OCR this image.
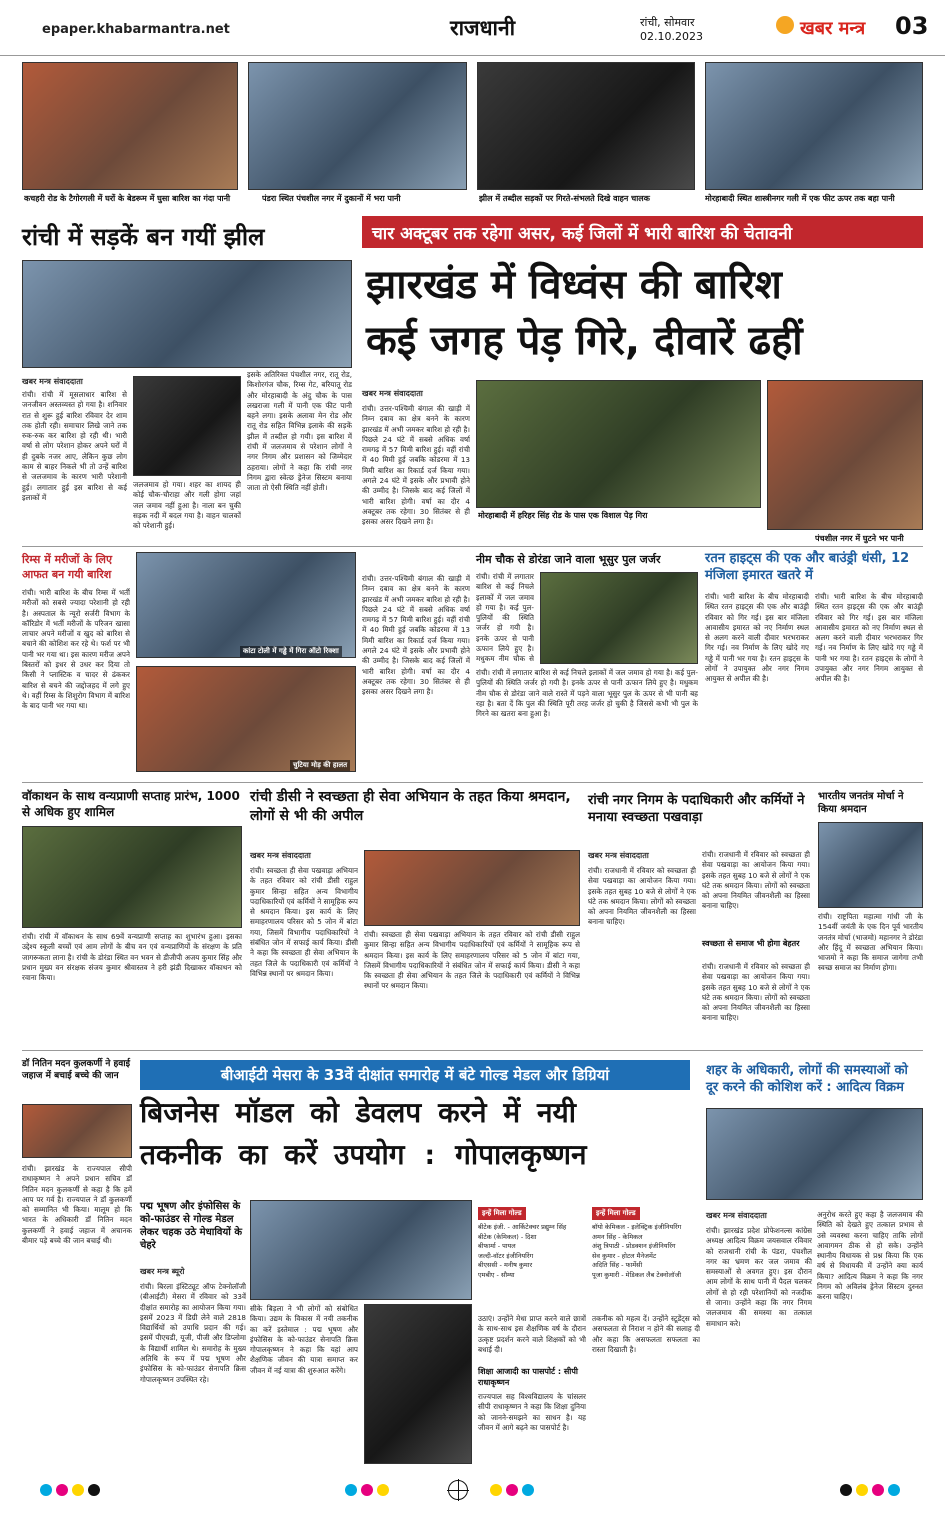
epaper.khabarmantra.net	राजधानी	रांची, सोमवार
02.10.2023	खबर मन्त्र 03
कचहरी रोड के टैगोरगली में घरों के बेडरूम में घुसा बारिश का गंदा पानी	पंडरा स्थित पंचशील नगर में दुकानों में भरा पानी	झील में तब्दील सड़कों पर गिरते-संभलते दिखे वाहन चालक	मोरहाबादी स्थित शास्त्रीनगर गली में एक फीट ऊपर तक बहा पानी
रांची में सड़कें बन गयीं झील
खबर मन्त्र संवाददाता
रांची। रांची में मूसलाधार बारिश से जनजीवन अस्तव्यस्त हो गया है। शनिवार रात से शुरू हुई बारिश रविवार देर शाम तक होती रही। समाचार लिखे जाने तक रुक-रुक कर बारिश हो रही थी। भारी वर्षा से लोग परेशान होकर अपने घरों में ही दुबके नजर आए, लेकिन कुछ लोग काम से बाहर निकले भी तो उन्हें बारिश से जलजमाव के कारण भारी परेशानी हुई। लगातार हुई इस बारिश से कई इलाकों में
जलजमाव हो गया। शहर का शायद ही कोई चौक-चौराहा और गली होगा जहां जल जमाव नहीं हुआ है। नाला बन चुकी सड़क नदी में बदल गया है। वाहन चालकों को परेशानी हुई।
इसके अतिरिक्त पंचशील नगर, रातू रोड, किशोरगंज चौक, रिम्स गेट, बरियातू रोड और मोरहाबादी के अंदु चौक के पास लखराजा गली में पानी एक फीट पानी बहने लगा। इसके अलावा मेन रोड और रातू रोड सहित विभिन्न इलाके की सड़कें झील में तब्दील हो गयी। इस बारिश में रांची में जलजमाव से परेशान लोगों ने नगर निगम और प्रशासन को जिम्मेदार ठहराया। लोगों ने कहा कि रांची नगर निगम द्वारा स्वेत्छ ड्रेनेज सिस्टम बनाया जाता तो ऐसी स्थिति नहीं होती।
चार अक्टूबर तक रहेगा असर, कई जिलों में भारी बारिश की चेतावनी
झारखंड में विध्वंस की बारिश
कई जगह पेड़ गिरे, दीवारें ढहीं
खबर मन्त्र संवाददाता
रांची। उत्तर-पश्चिमी बंगाल की खाड़ी में निम्न दबाव का क्षेत्र बनने के कारण झारखंड में अभी जमकर बारिश हो रही है। पिछले 24 घंटे में सबसे अधिक वर्षा रामगढ़ में 57 मिमी बारिश हुई। वहीं रांची में 40 मिमी हुई जबकि कोडरमा में 13 मिमी बारिश का रिकार्ड दर्ज किया गया। अगले 24 घंटे में इसके और प्रभावी होने की उम्मीद है। जिसके बाद कई जिलों में भारी बारिश होगी। वर्षा का दौर 4 अक्टूबर तक रहेगा। 30 सितंबर से ही इसका असर दिखने लगा है।
मोरहाबादी में हरिहर सिंह रोड के पास एक विशाल पेड़ गिरा
पंचशील नगर में घुटने भर पानी
रिम्स में मरीजों के लिए आफत बन गयी बारिश
रांची। भारी बारिश के बीच रिम्स में भर्ती मरीजों को सबसे ज्यादा परेशानी हो रही है। अस्पताल के न्यूरो सर्जरी विभाग के कॉरिडोर में भर्ती मरीजों के परिजन खासा लाचार अपने मरीजों व खुद को बारिश से बचाने की कोशिश कर रहे थे। फर्श पर भी पानी भर गया था। इस कारण मरीज अपने बिस्तरों को इधर से उधर कर दिया तो किसी ने प्लास्टिक व चादर से ढंककर बारिश से बचने की जद्दोजहद में लगे हुए थे। वहीं रिम्स के शिशुरोग विभाग में बारिश के बाद पानी भर गया था।
कांटा टोली में गड्ढे में गिरा ऑटो रिक्शा
चुटिया मोड़ की हालत
नीम चौक से डोरंडा जाने वाला भूसुर पुल जर्जर
रांची। उत्तर-पश्चिमी बंगाल की खाड़ी में निम्न दबाव का क्षेत्र बनने के कारण झारखंड में अभी जमकर बारिश हो रही है। पिछले 24 घंटे में सबसे अधिक वर्षा रामगढ़ में 57 मिमी बारिश हुई। वहीं रांची में 40 मिमी हुई जबकि कोडरमा में 13 मिमी बारिश का रिकार्ड दर्ज किया गया। अगले 24 घंटे में इसके और प्रभावी होने की उम्मीद है। जिसके बाद कई जिलों में भारी बारिश होगी। वर्षा का दौर 4 अक्टूबर तक रहेगा। 30 सितंबर से ही इसका असर दिखने लगा है।
रांची। रांची में लगातार बारिश से कई निचले इलाकों में जल जमाव हो गया है। कई पुल-पुलियों की स्थिति जर्जर हो गयी है। इनके ऊपर से पानी ऊफान लिये हुए है। मधुकम नीम चौक से
रांची। रांची में लगातार बारिश से कई निचले इलाकों में जल जमाव हो गया है। कई पुल-पुलियों की स्थिति जर्जर हो गयी है। इनके ऊपर से पानी ऊफान लिये हुए है। मधुकम नीम चौक से डोरंडा जाने वाले रास्ते में पड़ने वाला भूसुर पुल के ऊपर से भी पानी बह रहा है। बता दें कि पुल की स्थिति पूरी तरह जर्जर हो चुकी है जिससे कभी भी पुल के गिरने का खतरा बना हुआ है।
रतन हाइट्स की एक और बाउंड्री धंसी, 12 मंजिला इमारत खतरे में
रांची। भारी बारिश के बीच मोरहाबादी स्थित रतन हाइट्स की एक और बाउंड्री रविवार को गिर गई। इस बार मंजिला आवासीय इमारत को नए निर्माण स्थल से अलग करने वाली दीवार भरभराकर गिर गई। नव निर्माण के लिए खोदे गए गड्ढे में पानी भर गया है। रतन हाइट्स के लोगों ने उपायुक्त और नगर निगम आयुक्त से अपील की है।
रांची। भारी बारिश के बीच मोरहाबादी स्थित रतन हाइट्स की एक और बाउंड्री रविवार को गिर गई। इस बार मंजिला आवासीय इमारत को नए निर्माण स्थल से अलग करने वाली दीवार भरभराकर गिर गई। नव निर्माण के लिए खोदे गए गड्ढे में पानी भर गया है। रतन हाइट्स के लोगों ने उपायुक्त और नगर निगम आयुक्त से अपील की है।
वॉकाथन के साथ वन्यप्राणी सप्ताह प्रारंभ, 1000 से अधिक हुए शामिल
रांची। रांची में वॉकाथन के साथ 69वें वन्यप्राणी सप्ताह का शुभारंभ हुआ। इसका उद्देश्य स्कूली बच्चों एवं आम लोगों के बीच वन एवं वन्यप्राणियों के संरक्षण के प्रति जागरूकता लाना है। रांची के डोरंडा स्थित वन भवन से डीजीपी अजय कुमार सिंह और प्रधान मुख्य वन संरक्षक संजय कुमार श्रीवास्तव ने हरी झंडी दिखाकर वॉकाथन को रवाना किया।
रांची डीसी ने स्वच्छता ही सेवा अभियान के तहत किया श्रमदान, लोगों से भी की अपील
खबर मन्त्र संवाददाता
रांची। स्वच्छता ही सेवा पखवाड़ा अभियान के तहत रविवार को रांची डीसी राहुल कुमार सिन्हा सहित अन्य विभागीय पदाधिकारियों एवं कर्मियों ने सामूहिक रूप से श्रमदान किया। इस कार्य के लिए समाहरणालय परिसर को 5 जोन में बांटा गया, जिसमें विभागीय पदाधिकारियों ने संबंधित जोन में सफाई कार्य किया। डीसी ने कहा कि स्वच्छता ही सेवा अभियान के तहत जिले के पदाधिकारी एवं कर्मियों ने विभिन्न स्थानों पर श्रमदान किया।
रांची। स्वच्छता ही सेवा पखवाड़ा अभियान के तहत रविवार को रांची डीसी राहुल कुमार सिन्हा सहित अन्य विभागीय पदाधिकारियों एवं कर्मियों ने सामूहिक रूप से श्रमदान किया। इस कार्य के लिए समाहरणालय परिसर को 5 जोन में बांटा गया, जिसमें विभागीय पदाधिकारियों ने संबंधित जोन में सफाई कार्य किया। डीसी ने कहा कि स्वच्छता ही सेवा अभियान के तहत जिले के पदाधिकारी एवं कर्मियों ने विभिन्न स्थानों पर श्रमदान किया।
रांची नगर निगम के पदाधिकारी और कर्मियों ने मनाया स्वच्छता पखवाड़ा
खबर मन्त्र संवाददाता
रांची। राजधानी में रविवार को स्वच्छता ही सेवा पखवाड़ा का आयोजन किया गया। इसके तहत सुबह 10 बजे से लोगों ने एक घंटे तक श्रमदान किया। लोगों को स्वच्छता को अपना नियमित जीवनशैली का हिस्सा बनाना चाहिए।
रांची। राजधानी में रविवार को स्वच्छता ही सेवा पखवाड़ा का आयोजन किया गया। इसके तहत सुबह 10 बजे से लोगों ने एक घंटे तक श्रमदान किया। लोगों को स्वच्छता को अपना नियमित जीवनशैली का हिस्सा बनाना चाहिए।
स्वच्छता से समाज भी होगा बेहतर
रांची। राजधानी में रविवार को स्वच्छता ही सेवा पखवाड़ा का आयोजन किया गया। इसके तहत सुबह 10 बजे से लोगों ने एक घंटे तक श्रमदान किया। लोगों को स्वच्छता को अपना नियमित जीवनशैली का हिस्सा बनाना चाहिए।
भारतीय जनतंत्र मोर्चा ने किया श्रमदान
रांची। राष्ट्रपिता महात्मा गांधी जी के 154वीं जयंती के एक दिन पूर्व भारतीय जनतंत्र मोर्चा (भाजमो) महानगर ने डोरंडा और हिंदू में स्वच्छता अभियान किया। भाजमो ने कहा कि समाज जागेगा तभी स्वच्छ समाज का निर्माण होगा।
डॉ नितिन मदन कुलकर्णी ने हवाई जहाज में बचाई बच्चे की जान
रांची। झारखंड के राज्यपाल सीपी राधाकृष्णन ने अपने प्रधान सचिव डॉ नितिन मदन कुलकर्णी से कहा है कि हमें आप पर गर्व है। राज्यपाल ने डॉ कुलकर्णी को सम्मानित भी किया। मालूम हो कि भारत के अधिकारी डॉ नितिन मदन कुलकर्णी ने हवाई जहाज में अचानक बीमार पड़े बच्चे की जान बचाई थी।
बीआईटी मेसरा के 33वें दीक्षांत समारोह में बंटे गोल्ड मेडल और डिग्रियां
बिजनेस मॉडल को डेवलप करने में नयी
तकनीक का करें उपयोग : गोपालकृष्णन
पद्म भूषण और इंफोसिस के को-फाउंडर से गोल्ड मेडल लेकर चहक उठे मेधावियों के चेहरे
खबर मन्त्र ब्यूरो
रांची। बिरला इंस्टिट्यूट ऑफ टेक्नोलॉजी (बीआईटी) मेसरा में रविवार को 33वें दीक्षांत समारोह का आयोजन किया गया। इसमें 2023 में डिग्री लेने वाले 2818 विद्यार्थियों को उपाधि प्रदान की गई। इसमें पीएचडी, यूजी, पीजी और डिप्लोमा के विद्यार्थी शामिल थे। समारोह के मुख्य अतिथि के रूप में पद्म भूषण और इंफोसिस के को-फाउंडर सेनापति क्रिस गोपालकृष्णन उपस्थित रहे।
सीके बिड़ला ने भी लोगों को संबोधित किया। उद्यम के विकास में नयी तकनीक का करें इस्तेमाल : पद्म भूषण और इंफोसिस के को-फाउंडर सेनापति क्रिस गोपालकृष्णन ने कहा कि यहां आप शैक्षणिक जीवन की यात्रा समाप्त कर जीवन में नई यात्रा की शुरुआत करेंगे।
इन्हें मिला गोल्ड
बीटेक इंजी. - आर्किटेक्चर प्रद्युम्न सिंह
बीटेक (केमिकल) - दिशा
बीफार्मा - पायल
जल्दी-वॉटर इंजीनियरिंग
बीएससी - मनीष कुमार
एमबीए - सौम्या
इन्हें मिला गोल्ड
बॉयो केमिकल - इलेक्ट्रिक इंजीनियरिंग
अमन सिंह - केमिकल
अंशु त्रिपाठी - प्रोडक्शन इंजीनियरिंग
सेव कुमार - होटल मैनेजमेंट
अदिति सिंह - फार्मेसी
पूजा कुमारी - मेडिकल लैब टेक्नोलॉजी
उठाएं। उन्होंने मेधा प्राप्त करने वाले छात्रों के साथ-साथ इस शैक्षणिक वर्ष के दौरान उत्कृष्ट प्रदर्शन करने वाले शिक्षकों को भी बधाई दी।
शिक्षा आजादी का पासपोर्ट : सीपी राधाकृष्णन
राज्यपाल सह विश्वविद्यालय के चांसलर सीपी राधाकृष्णन ने कहा कि शिक्षा दुनिया को जानने-समझने का साधन है। यह जीवन में आगे बढ़ने का पासपोर्ट है।
तकनीक को महत्व दें। उन्होंने स्टूडेंट्स को असफलता से निराश न होने की सलाह दी और कहा कि असफलता सफलता का रास्ता दिखाती है।
शहर के अधिकारी, लोगों की समस्याओं को दूर करने की कोशिश करें : आदित्य विक्रम
खबर मन्त्र संवाददाता
रांची। झारखंड प्रदेश प्रोफेशनल्स कांग्रेस अध्यक्ष आदित्य विक्रम जयसवाल रविवार को राजधानी रांची के पंडरा, पंचशील नगर का भ्रमण कर जल जमाव की समस्याओं से अवगत हुए। इस दौरान आम लोगों के साथ पानी में पैदल चलकर लोगों से हो रही परेशानियों को नजदीक से जाना। उन्होंने कहा कि नगर निगम जलजमाव की समस्या का तत्काल समाधान करे।
अनुरोध करते हुए कहा है जलजमाव की स्थिति को देखते हुए तत्काल प्रभाव से उसे व्यवस्था करना चाहिए ताकि लोगों आवागमन ठीक से हो सके। उन्होंने स्थानीय विधायक से प्रश्न किया कि एक वर्ष से विधायकी में उन्होंने क्या कार्य किया? आदित्य विक्रम ने कहा कि नगर निगम को अविलंब ड्रेनेज सिस्टम दुरुस्त करना चाहिए।
